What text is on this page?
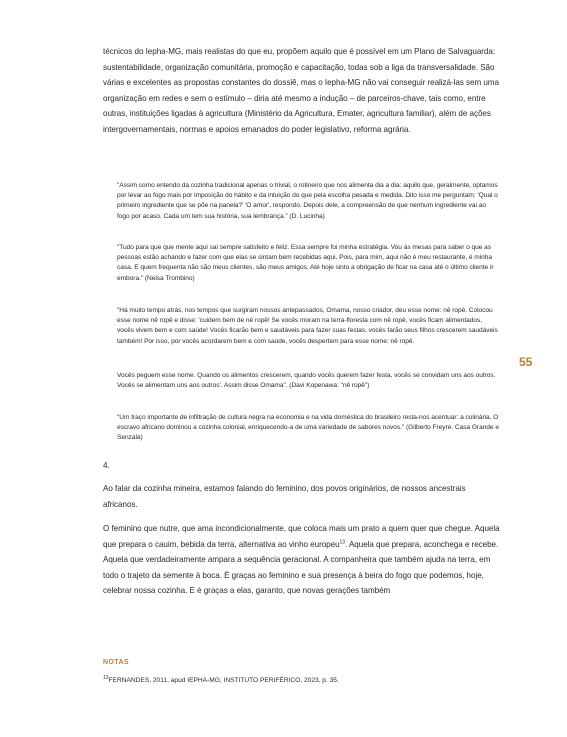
técnicos do Iepha-MG, mais realistas do que eu, propõem aquilo que é possível em um Plano de Salvaguarda: sustentabilidade, organização comunitária, promoção e capacitação, todas sob a liga da transversalidade. São várias e excelentes as propostas constantes do dossiê, mas o Iepha-MG não vai conseguir realizá-las sem uma organização em redes e sem o estímulo – diria até mesmo a indução – de parceiros-chave, tais como, entre outras, instituições ligadas à agricultura (Ministério da Agricultura, Emater, agricultura familiar), além de ações intergovernamentais, normas e apoios emanados do poder legislativo, reforma agrária.

"Assim como entendo da cozinha tradicional apenas o trivial, o rotineiro que nos alimenta dia a dia: aquilo que, geralmente, optamos por levar ao fogo mais por imposição do hábito e da intuição do que pela escolha pesada e medida. Dito isso me perguntam: 'Qual o primeiro ingrediente que se põe na panela?' 'O amor', respondo. Depois dele, a compreensão de que nenhum ingrediente vai ao fogo por acaso. Cada um tem sua história, sua lembrança." (D. Lucinha)

"Tudo para que que mente aqui sai sempre satisfeito e feliz. Essa sempre foi minha estratégia. Vou às mesas para saber o que as pessoas estão achando e fazer com que elas se sintam bem recebidas aqui. Pois, para mim, aqui não é meu restaurante, é minha casa. E quem frequenta não são meus clientes, são meus amigos. Até hoje sinto a obrigação de ficar na casa até o último cliente ir embora." (Nelsa Trombino)

"Há muito tempo atrás, nos tempos que surgiram nossos antepassados, Omama, nosso criador, deu esse nome: nê ropê. Colocou esse nome nê ropê e disse: 'cuidem bem de nê ropê! Se vocês moram na terra-floresta com nê ropê, vocês ficam alimentados, vocês vivem bem e com saúde! Vocês ficarão bem e saudáveis para fazer suas festas, vocês farão seus filhos crescerem saudáveis também! Por isso, por vocês acordarem bem e com saúde, vocês despertem para esse nome: nê ropê.

Vocês peguem esse nome. Quando os alimentos crescerem, quando vocês querem fazer festa, vocês se convidam uns aos outros. Vocês se alimentam uns aos outros'. Assim disse Omama". (Davi Kopenawa: "nê ropê")

"Um traço importante de infiltração de cultura negra na economia e na vida doméstica do brasileiro resta-nos acentuar: a culinária. O escravo africano dominou a cozinha colonial, enriquecendo-a de uma variedade de sabores novos." (Gilberto Freyre. Casa Grande e Senzala)

55
4.

Ao falar da cozinha mineira, estamos falando do feminino, dos povos originários, de nossos ancestrais africanos.

O feminino que nutre, que ama incondicionalmente, que coloca mais um prato a quem quer que chegue. Aquela que prepara o cauim, bebida da terra, alternativa ao vinho europeu$^{13}$. Aquela que prepara, aconchega e recebe. Aquela que verdadeiramente ampara a sequência geracional. A companheira que também ajuda na terra, em todo o trajeto da semente à boca. É graças ao feminino e sua presença à beira do fogo que podemos, hoje, celebrar nossa cozinha. E é graças a elas, garanto, que novas gerações também

NOTAS
$^{13}$FERNANDES, 2011, apud IEPHA-MG; INSTITUTO PERIFÉRICO, 2023, p. 35.
